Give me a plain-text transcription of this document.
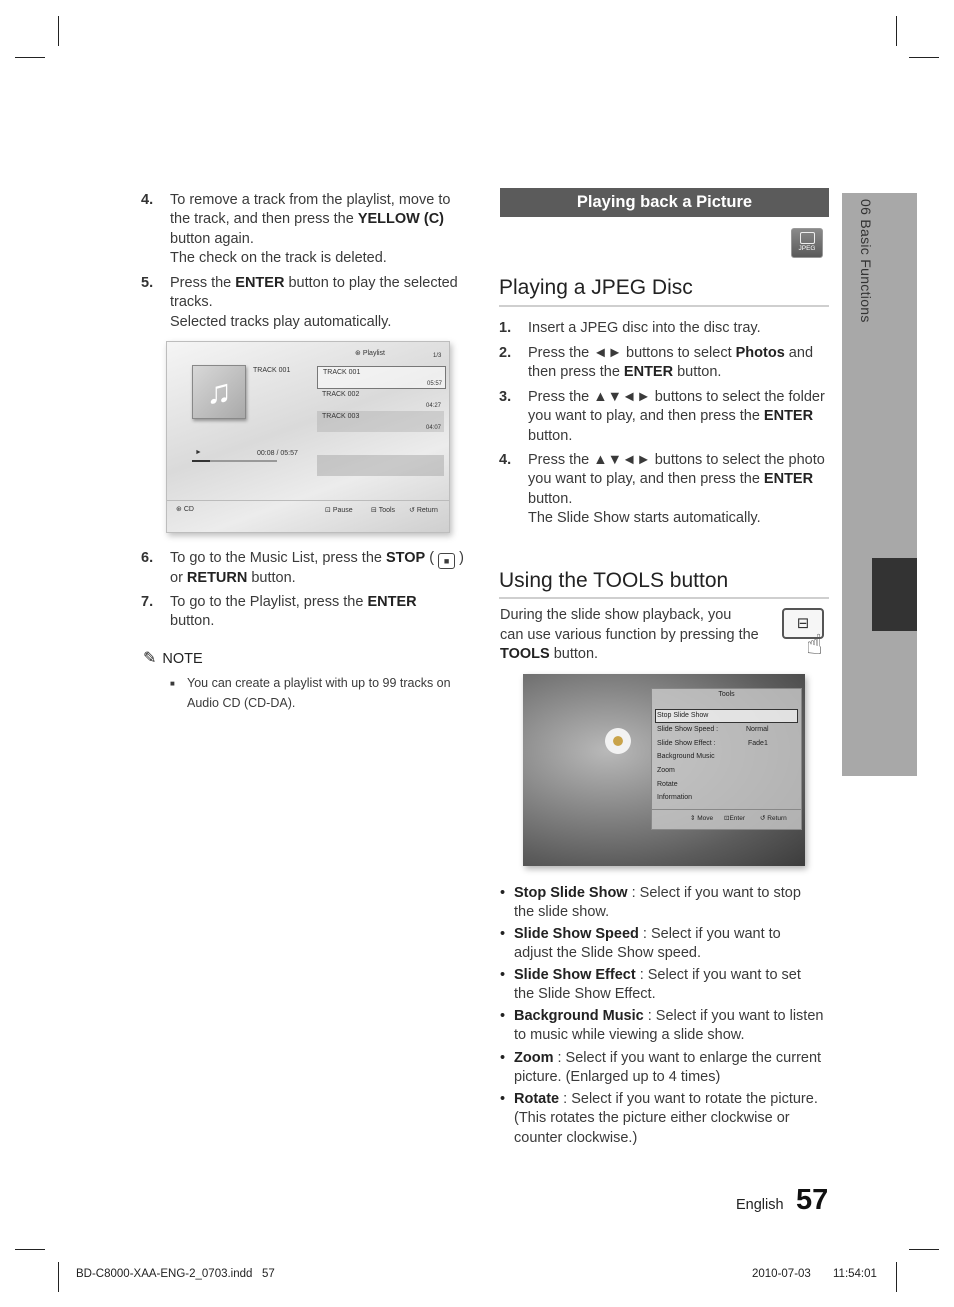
4. To remove a track from the playlist, move to
the track, and then press the YELLOW (C)
button again.
The check on the track is deleted.
5. Press the ENTER button to play the selected
tracks.
Selected tracks play automatically.
♫
TRACK 001
⊛ Playlist	1/3
TRACK 001
05:57
TRACK 002
04:27
TRACK 003
04:07
►	00:08 / 05:57
⊛ CD	⊡ Pause	⊟ Tools ↺ Return
6. To go to the Music List, press the STOP ( ■ )
or RETURN button.
7. To go to the Playlist, press the ENTER
button.
✎ NOTE
■ You can create a playlist with up to 99 tracks on
Audio CD (CD-DA).
Playing back a Picture
JPEG
Playing a JPEG Disc
1. Insert a JPEG disc into the disc tray.
2. Press the ◄► buttons to select Photos and
then press the ENTER button.
3. Press the ▲▼◄► buttons to select the folder
you want to play, and then press the ENTER
button.
4. Press the ▲▼◄► buttons to select the photo
you want to play, and then press the ENTER
button.
The Slide Show starts automatically.
Using the TOOLS button
During the slide show playback, you
can use various function by pressing the
TOOLS button.
⊟
☝
Tools
Stop Slide Show
Slide Show Speed :	Normal
Slide Show Effect :	Fade1
Background Music
Zoom
Rotate
Information
⇕ Move ⊡Enter ↺ Return
• Stop Slide Show : Select if you want to stop
the slide show.
• Slide Show Speed : Select if you want to
adjust the Slide Show speed.
• Slide Show Effect : Select if you want to set
the Slide Show Effect.
• Background Music : Select if you want to listen
to music while viewing a slide show.
• Zoom : Select if you want to enlarge the current
picture. (Enlarged up to 4 times)
• Rotate : Select if you want to rotate the picture.
(This rotates the picture either clockwise or
counter clockwise.)
06 Basic Functions
English 57
BD-C8000-XAA-ENG-2_0703.indd   57	2010-07-03 11:54:01
